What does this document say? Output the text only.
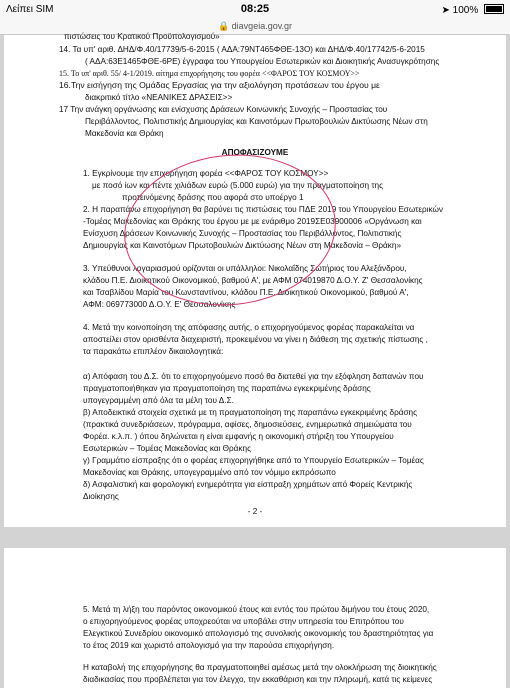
Λείπει SIM	08:25	➤ 100%
🔒 diavgeia.gov.gr
πιστώσεις του Κρατικού Προϋπολογισμού»
14. Τα υπ' αριθ. ΔΗΔ/Φ.40/17739/5-6-2015 ( ΑΔΑ:79ΝΤ465ΦΘΕ-13Ο) και ΔΗΔ/Φ.40/17742/5-6-2015
( ΑΔΑ:63Ε1465ΦΘΕ-6ΡΕ) έγγραφα του Υπουργείου Εσωτερικών και Διοικητικής Ανασυγκρότησης
15. Το υπ' αριθ. 55/ 4-1/2019. αίτημα επιχορήγησης του φορέα <<ΦΑΡΟΣ ΤΟΥ ΚΟΣΜΟΥ>>
16.Την εισήγηση της Ομάδας Εργασίας για την αξιολόγηση προτάσεων του έργου με
διακριτικό τίτλο «ΝΕΑΝΙΚΕΣ ΔΡΑΣΕΙΣ>>
17 Την ανάγκη οργάνωσης και ενίσχυσης Δράσεων Κοινωνικής Συνοχής – Προστασίας του
Περιβάλλοντος, Πολιτιστικής Δημιουργίας και Καινοτόμων Πρωτοβουλιών Δικτύωσης Νέων στη
Μακεδονία και Θράκη
ΑΠΟΦΑΣΙΖΟΥΜΕ
1. Εγκρίνουμε την επιχορήγηση φορέα <<ΦΑΡΟΣ ΤΟΥ ΚΟΣΜΟΥ>>
με ποσό ίων και πέντε χιλιάδων ευρώ (5.000 ευρώ) για την πραγματοποίηση της
προτεινόμενης δράσης που αφορά στο υποέργο 1
2. Η παραπάνω επιχορήγηση θα βαρύνει τις πιστώσεις του ΠΔΕ 2019 του Υπουργείου Εσωτερικών
-Τομέας Μακεδονίας και Θράκης του έργου με με ενάριθμο 2019ΣΕ03900006 «Οργάνωση και
Ενίσχυση Δράσεων Κοινωνικής Συνοχής – Προστασίας του Περιβάλλοντος, Πολιτιστικής
Δημιουργίας και Καινοτόμων Πρωτοβουλιών Δικτύωσης Νέων στη Μακεδονία – Θράκη»
3. Υπεύθυνοι λογαριασμού ορίζονται οι υπάλληλοι: Νικολαΐδης Σωτήριος του Αλεξάνδρου,
κλάδου Π.Ε. Διοικητικού Οικονομικού, βαθμού Α', με ΑΦΜ 074019870 Δ.Ο.Υ. Ζ' Θεσσαλονίκης
και Τσαβλίδου Μαρία του Κωνσταντίνου, κλάδου Π.Ε. Διοικητικού Οικονομικού, βαθμού Α',
ΑΦΜ: 069773000 Δ.Ο.Υ. Ε' Θεσσαλονίκης
4. Μετά την κοινοποίηση της απόφασης αυτής, ο επιχορηγούμενος φορέας παρακαλείται να
αποστείλει στον ορισθέντα διαχειριστή, προκειμένου να γίνει η διάθεση της σχετικής πίστωσης ,
τα παρακάτω επιπλέον δικαιολογητικά:
α) Απόφαση του Δ.Σ. ότι το επιχορηγούμενο ποσό θα διατεθεί για την εξόφληση δαπανών που
πραγματοποιήθηκαν για πραγματοποίηση της παραπάνω εγκεκριμένης δράσης
υπογεγραμμένη από όλα τα μέλη του Δ.Σ.
β) Αποδεικτικά στοιχεία σχετικά με τη πραγματοποίηση της παραπάνω εγκεκριμένης δράσης
(πρακτικά συνεδριάσεων, πρόγραμμα, αφίσες, δημοσιεύσεις, ενημερωτικά σημειώματα του
Φορέα. κ.λ.π. ) όπου δηλώνεται η είναι εμφανής η οικονομική στήριξη του Υπουργείου
Εσωτερικών – Τομέας Μακεδονίας και Θράκης
γ) Γραμμάτιο είσπραξης ότι ο φορέας επιχορηγήθηκε από το Υπουργείο Εσωτερικών – Τομέας
Μακεδονίας και Θράκης, υπογεγραμμένο από τον νόμιμο εκπρόσωπο
δ) Ασφαλιστική και φορολογική ενημερότητα για είσπραξη χρημάτων από Φορείς Κεντρικής
Διοίκησης
- 2 -
5. Μετά τη λήξη του παρόντος οικονομικού έτους και εντός του πρώτου διμήνου του έτους 2020,
ο επιχορηγούμενος φορέας υποχρεούται να υποβάλει στην υπηρεσία του Επιτρόπου του
Ελεγκτικού Συνεδρίου οικονομικό απολογισμό της συνολικής οικονομικής του δραστηριότητας για
το έτος 2019 και χωριστό απολογισμό για την παρούσα επιχορήγηση.
Η καταβολή της επιχορήγησης θα πραγματοποιηθεί αμέσως μετά την ολοκλήρωση της διοικητικής
διαδικασίας που προβλέπεται για τον έλεγχο, την εκκαθάριση και την πληρωμή, κατά τις κείμενες
